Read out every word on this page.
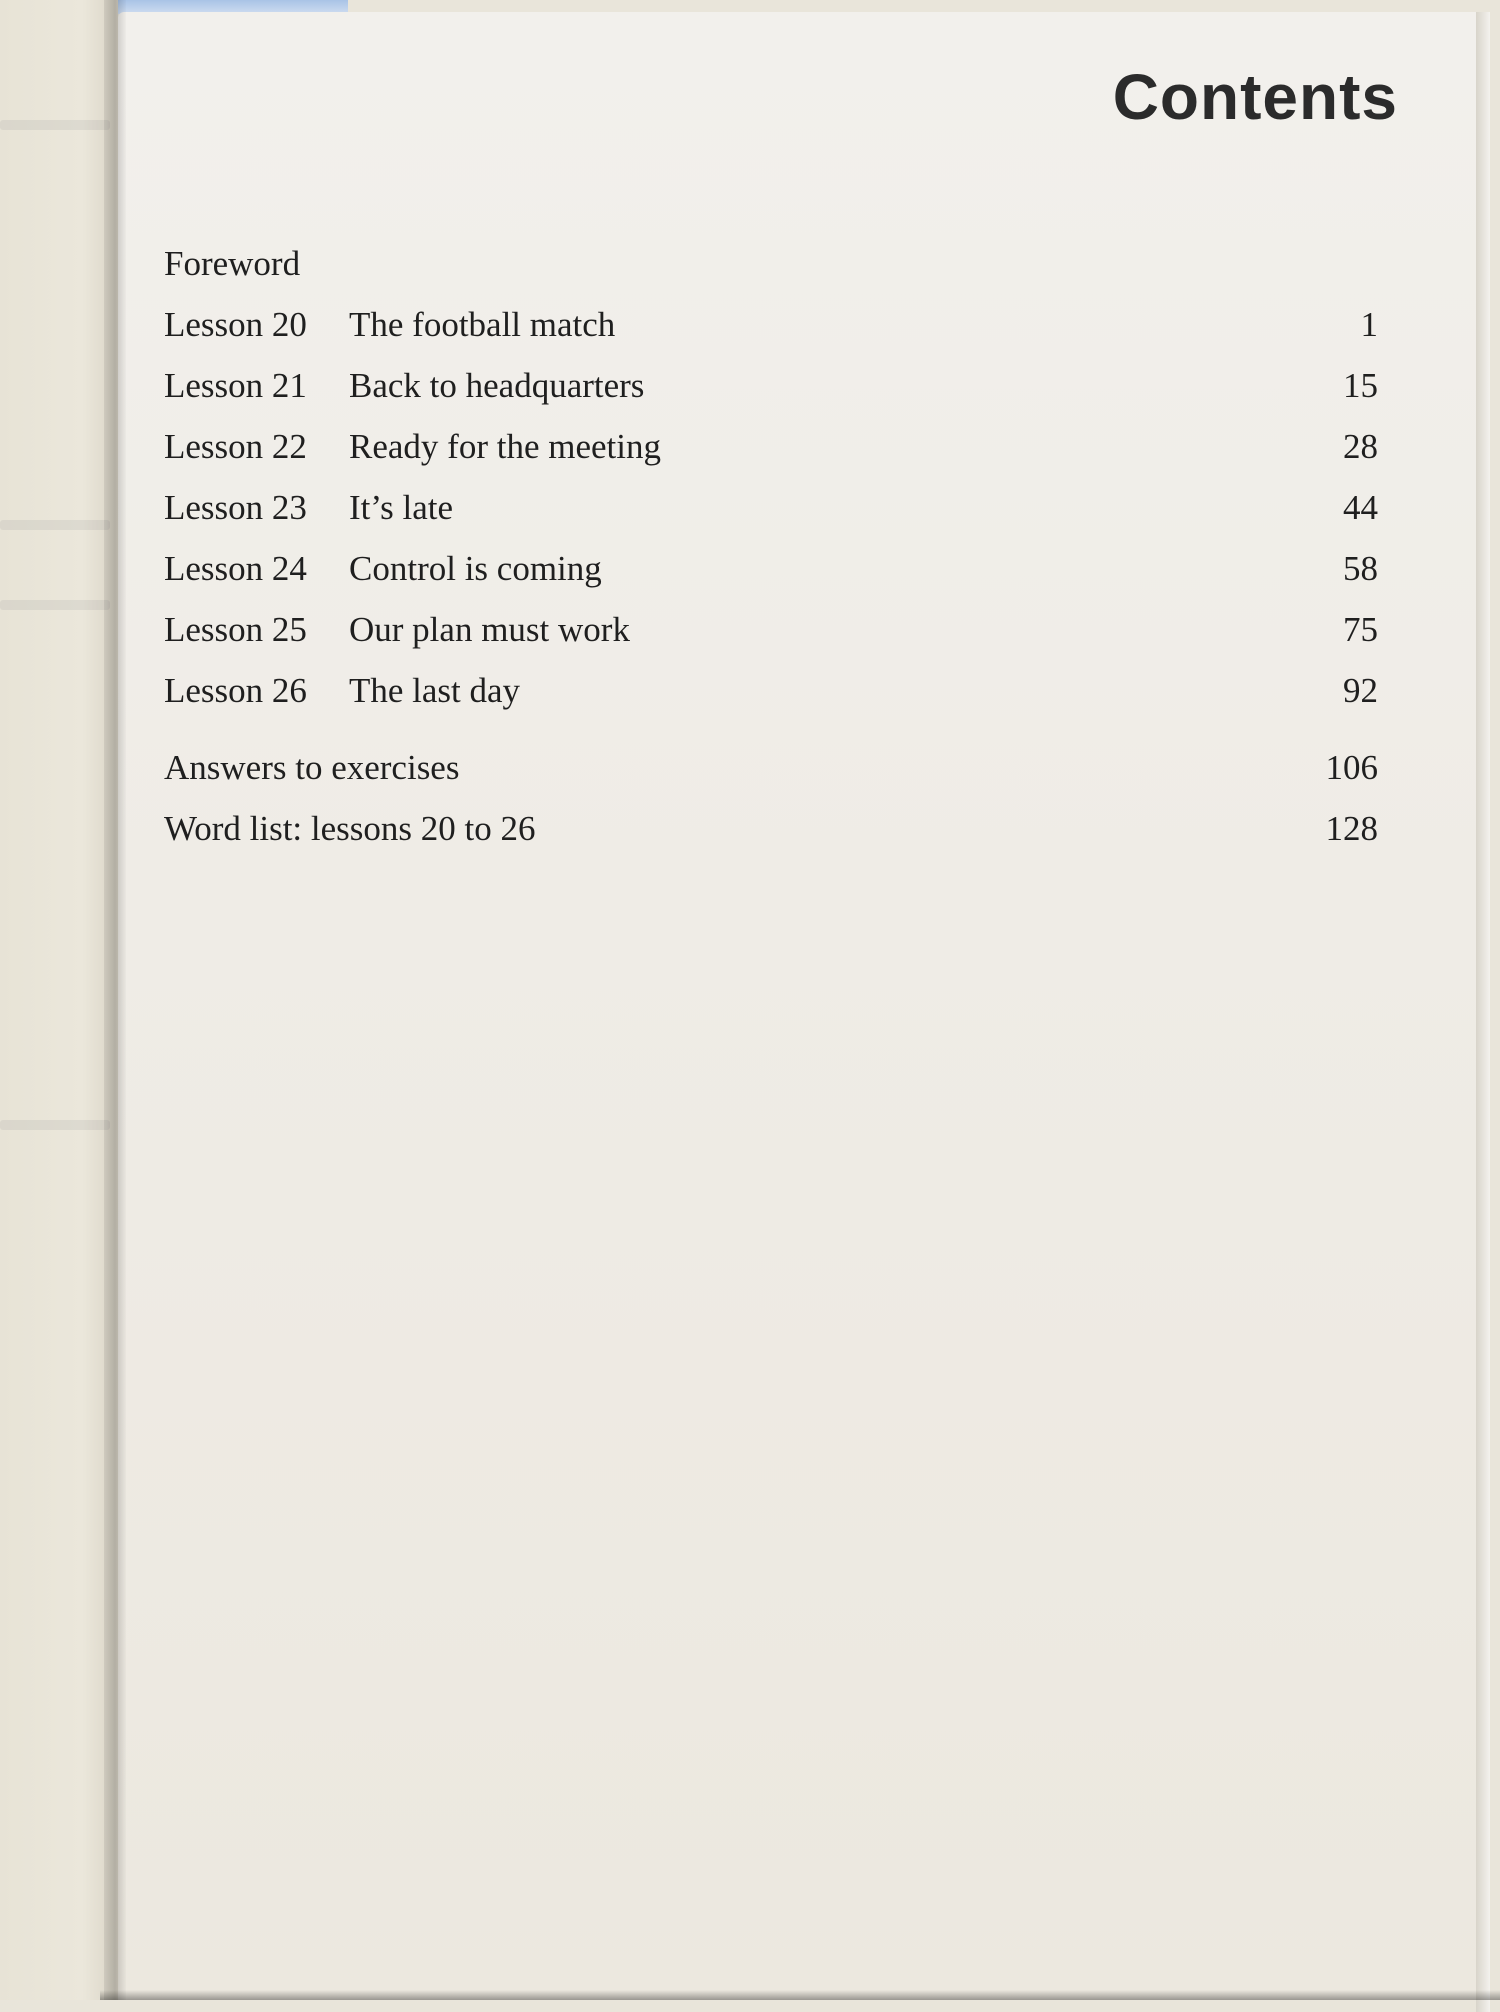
Contents
Foreword
Lesson 20	The football match	1
Lesson 21	Back to headquarters	15
Lesson 22	Ready for the meeting	28
Lesson 23	It’s late	44
Lesson 24	Control is coming	58
Lesson 25	Our plan must work	75
Lesson 26	The last day	92
Answers to exercises	106
Word list: lessons 20 to 26	128
